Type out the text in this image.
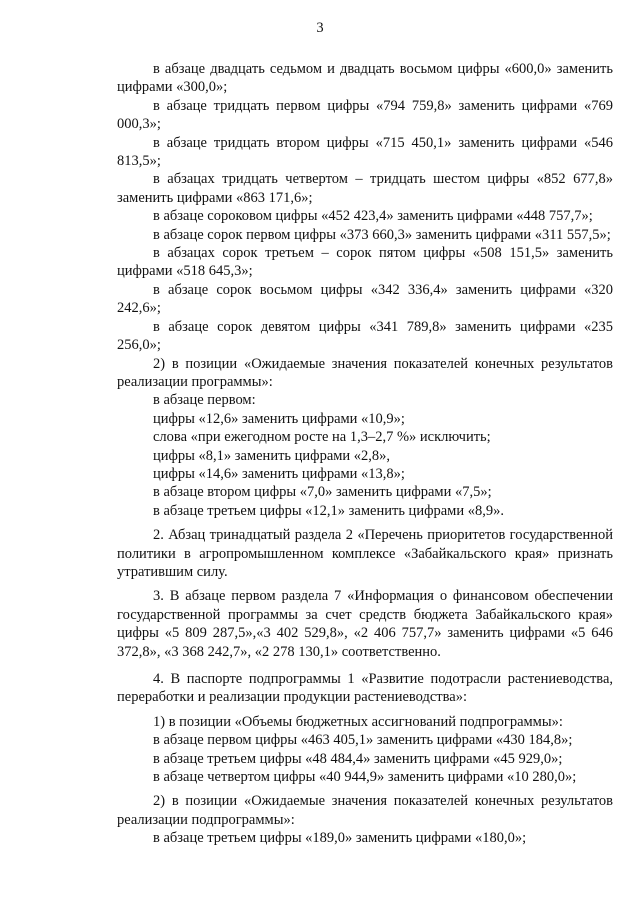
3

в абзаце двадцать седьмом и двадцать восьмом цифры «600,0» заменить цифрами «300,0»;

в абзаце тридцать первом цифры «794 759,8» заменить цифрами «769 000,3»;

в абзаце тридцать втором цифры «715 450,1» заменить цифрами «546 813,5»;

в абзацах тридцать четвертом – тридцать шестом цифры «852 677,8» заменить цифрами «863 171,6»;

в абзаце сороковом цифры «452 423,4» заменить цифрами «448 757,7»;

в абзаце сорок первом цифры «373 660,3» заменить цифрами «311 557,5»;

в абзацах сорок третьем – сорок пятом цифры «508 151,5» заменить цифрами «518 645,3»;

в абзаце сорок восьмом цифры «342 336,4» заменить цифрами «320 242,6»;

в абзаце сорок девятом цифры «341 789,8» заменить цифрами «235 256,0»;

2) в позиции «Ожидаемые значения показателей конечных результатов реализации программы»:

в абзаце первом:

цифры «12,6» заменить цифрами «10,9»;

слова «при ежегодном росте на 1,3–2,7 %» исключить;

цифры «8,1» заменить цифрами «2,8»,

цифры «14,6» заменить цифрами «13,8»;

в абзаце втором цифры «7,0» заменить цифрами «7,5»;

в абзаце третьем цифры «12,1» заменить цифрами «8,9».

2. Абзац тринадцатый раздела 2 «Перечень приоритетов государственной политики в агропромышленном комплексе «Забайкальского края» признать утратившим силу.

3. В абзаце первом раздела 7 «Информация о финансовом обеспечении государственной программы за счет средств бюджета Забайкальского края» цифры «5 809 287,5»,«3 402 529,8», «2 406 757,7» заменить цифрами «5 646 372,8», «3 368 242,7», «2 278 130,1» соответственно.

4. В паспорте подпрограммы 1 «Развитие подотрасли растениеводства, переработки и реализации продукции растениеводства»:

1) в позиции «Объемы бюджетных ассигнований подпрограммы»:

в абзаце первом цифры «463 405,1» заменить цифрами «430 184,8»;

в абзаце третьем цифры «48 484,4» заменить цифрами «45 929,0»;

в абзаце четвертом цифры «40 944,9» заменить цифрами «10 280,0»;

2) в позиции «Ожидаемые значения показателей конечных результатов реализации подпрограммы»:

в абзаце третьем цифры «189,0» заменить цифрами «180,0»;
